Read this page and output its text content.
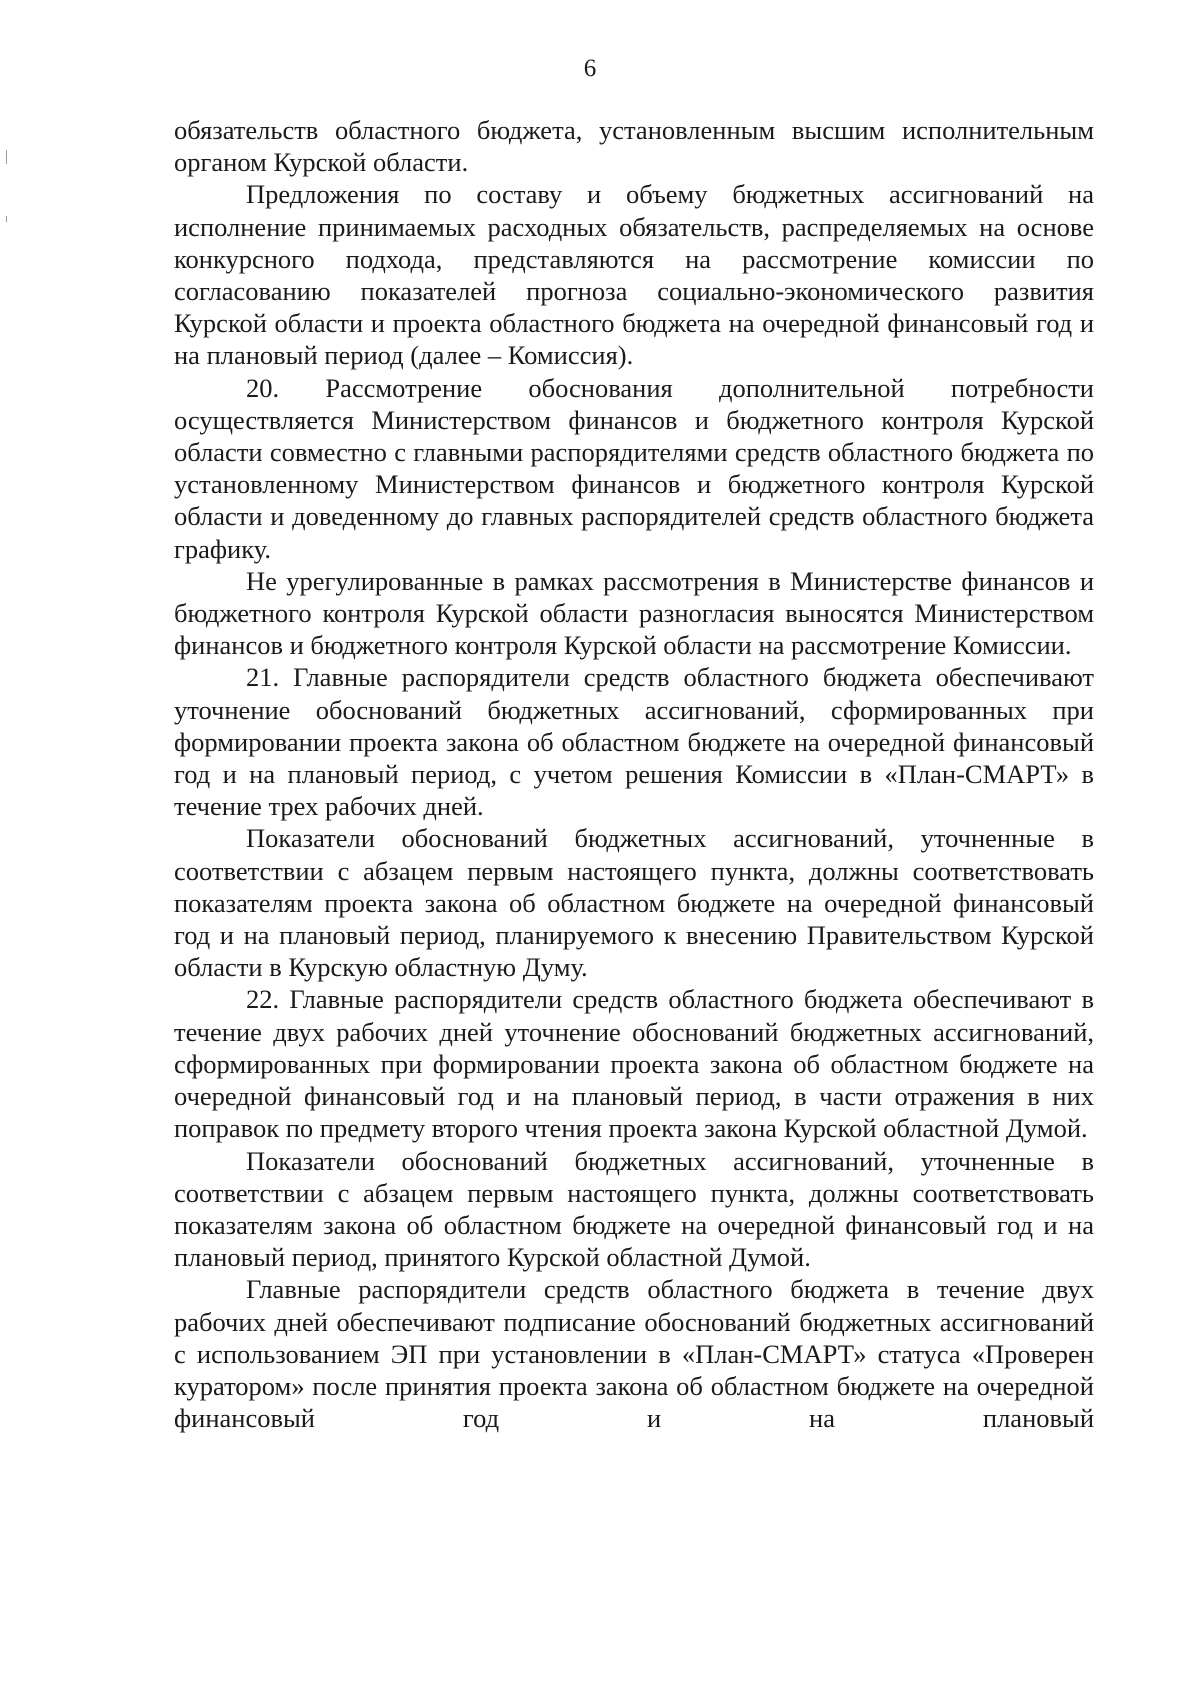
6

обязательств областного бюджета, установленным высшим исполнительным органом Курской области.

Предложения по составу и объему бюджетных ассигнований на исполнение принимаемых расходных обязательств, распределяемых на основе конкурсного подхода, представляются на рассмотрение комиссии по согласованию показателей прогноза социально-экономического развития Курской области и проекта областного бюджета на очередной финансовый год и на плановый период (далее – Комиссия).

20. Рассмотрение обоснования дополнительной потребности осуществляется Министерством финансов и бюджетного контроля Курской области совместно с главными распорядителями средств областного бюджета по установленному Министерством финансов и бюджетного контроля Курской области и доведенному до главных распорядителей средств областного бюджета графику.

Не урегулированные в рамках рассмотрения в Министерстве финансов и бюджетного контроля Курской области разногласия выносятся Министерством финансов и бюджетного контроля Курской области на рассмотрение Комиссии.

21. Главные распорядители средств областного бюджета обеспечивают уточнение обоснований бюджетных ассигнований, сформированных при формировании проекта закона об областном бюджете на очередной финансовый год и на плановый период, с учетом решения Комиссии в «План-СМАРТ» в течение трех рабочих дней.

Показатели обоснований бюджетных ассигнований, уточненные в соответствии с абзацем первым настоящего пункта, должны соответствовать показателям проекта закона об областном бюджете на очередной финансовый год и на плановый период, планируемого к внесению Правительством Курской области в Курскую областную Думу.

22. Главные распорядители средств областного бюджета обеспечивают в течение двух рабочих дней уточнение обоснований бюджетных ассигнований, сформированных при формировании проекта закона об областном бюджете на очередной финансовый год и на плановый период, в части отражения в них поправок по предмету второго чтения проекта закона Курской областной Думой.

Показатели обоснований бюджетных ассигнований, уточненные в соответствии с абзацем первым настоящего пункта, должны соответствовать показателям закона об областном бюджете на очередной финансовый год и на плановый период, принятого Курской областной Думой.

Главные распорядители средств областного бюджета в течение двух рабочих дней обеспечивают подписание обоснований бюджетных ассигнований с использованием ЭП при установлении в «План-СМАРТ» статуса «Проверен куратором» после принятия проекта закона об областном бюджете на очередной финансовый год и на плановый
